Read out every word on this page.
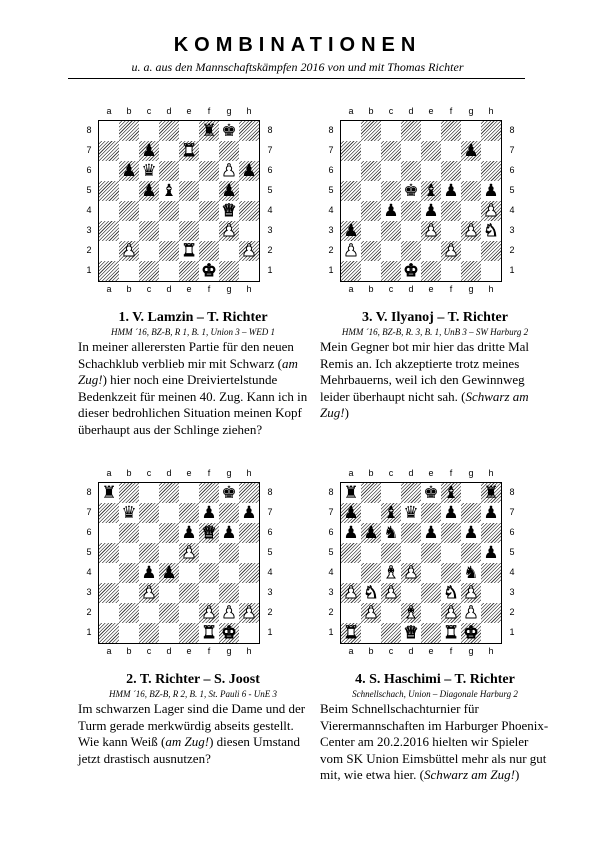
KOMBINATIONEN
u. a. aus den Mannschaftskämpfen 2016 von und mit Thomas Richter
a
a
b
b
c
c
d
d
e
e
f
f
g
g
h
h
8	8
7	7
6	6
5	5
4	4
3	3
2	2
1	1
♜ ♚
♟ ♜
♟ ♛	♟ ♟
♟ ♝	♟
♛
♟
♟	♜	♟
♚
1. V. Lamzin – T. Richter
HMM ´16, BZ-B, R 1, B. 1, Union 3 – WED 1
In meiner allerersten Partie für den neuen Schachklub verblieb mir mit Schwarz (am Zug!) hier noch eine Dreiviertelstunde Bedenkzeit für meinen 40. Zug. Kann ich in dieser bedrohlichen Situation meinen Kopf überhaupt aus der Schlinge ziehen?
a
a
b
b
c
c
d
d
e
e
f
f
g
g
h
h
8	8
7	7
6	6
5	5
4	4
3	3
2	2
1	1
♟
♚ ♝ ♟ ♟
♟ ♟	♟
♟	♟ ♟ ♞
♟	♟
♚
3. V. Ilyanoj – T. Richter
HMM ´16, BZ-B, R. 3, B. 1, UnB 3 – SW Harburg 2
Mein Gegner bot mir hier das dritte Mal Remis an. Ich akzeptierte trotz meines Mehrbauerns, weil ich den Gewinnweg leider überhaupt nicht sah. (Schwarz am Zug!)
a
a
b
b
c
c
d
d
e
e
f
f
g
g
h
h
8	8
7	7
6	6
5	5
4	4
3	3
2	2
1	1
♜	♚
♛	♟ ♟
♟ ♛ ♟
♟
♟ ♟
♟
♟ ♟ ♟
♜ ♚
2. T. Richter – S. Joost
HMM ´16, BZ-B, R 2, B. 1, St. Pauli 6 - UnE 3
Im schwarzen Lager sind die Dame und der Turm gerade merkwürdig abseits gestellt. Wie kann Weiß (am Zug!) diesen Umstand jetzt drastisch ausnutzen?
a
a
b
b
c
c
d
d
e
e
f
f
g
g
h
h
8	8
7	7
6	6
5	5
4	4
3	3
2	2
1	1
♜	♚ ♝ ♜
♟ ♝ ♛ ♟ ♟
♟ ♟ ♞ ♟ ♟
♟
♝ ♟	♞
♟ ♞ ♟	♞ ♟
♟ ♝ ♟ ♟
♜	♛ ♜ ♚
4. S. Haschimi – T. Richter
Schnellschach, Union – Diagonale Harburg 2
Beim Schnellschachturnier für Vierermannschaften im Harburger Phoenix-Center am 20.2.2016 hielten wir Spieler vom SK Union Eimsbüttel mehr als nur gut mit, wie etwa hier. (Schwarz am Zug!)
